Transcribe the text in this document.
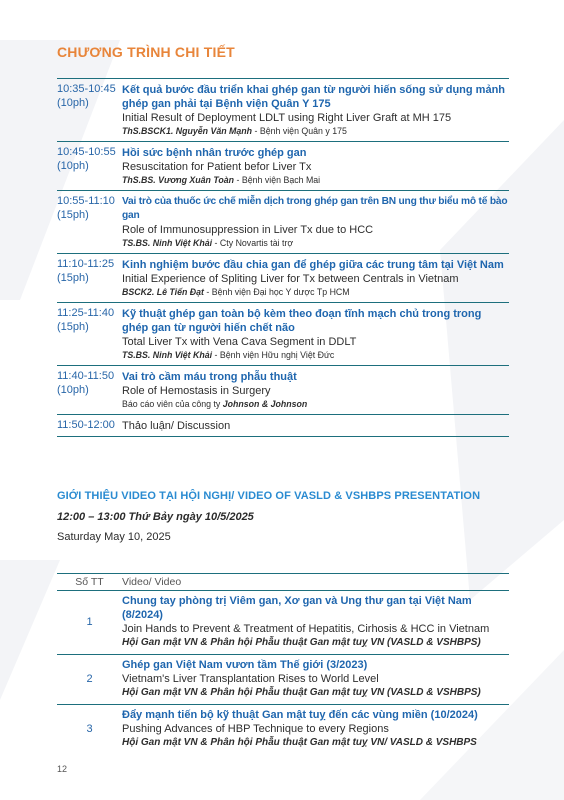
CHƯƠNG TRÌNH CHI TIẾT
10:35-10:45
(10ph)
Kết quả bước đầu triển khai ghép gan từ người hiến sống sử dụng mảnh ghép gan phải tại Bệnh viện Quân Y 175
Initial Result of Deployment LDLT using Right Liver Graft at MH 175
ThS.BSCK1. Nguyễn Văn Mạnh - Bệnh viện Quân y 175
10:45-10:55
(10ph)
Hồi sức bệnh nhân trước ghép gan
Resuscitation for Patient befor Liver Tx
ThS.BS. Vương Xuân Toàn - Bệnh viện Bạch Mai
10:55-11:10
(15ph)
Vai trò của thuốc ức chế miễn dịch trong ghép gan trên BN ung thư biểu mô tế bào gan
Role of Immunosuppression in Liver Tx due to HCC
TS.BS. Ninh Việt Khải - Cty Novartis tài trợ
11:10-11:25
(15ph)
Kinh nghiệm bước đầu chia gan để ghép giữa các trung tâm tại Việt Nam
Initial Experience of Spliting Liver for Tx between Centrals in Vietnam
BSCK2. Lê Tiến Đạt - Bệnh viện Đại học Y dược Tp HCM
11:25-11:40
(15ph)
Kỹ thuật ghép gan toàn bộ kèm theo đoạn tĩnh mạch chủ trong trong ghép gan từ người hiến chết não
Total Liver Tx with Vena Cava Segment in DDLT
TS.BS. Ninh Việt Khải - Bệnh viện Hữu nghị Việt Đức
11:40-11:50
(10ph)
Vai trò cầm máu trong phẫu thuật
Role of Hemostasis in Surgery
Báo cáo viên của công ty Johnson & Johnson
11:50-12:00 Thảo luận/ Discussion
GIỚI THIỆU VIDEO TẠI HỘI NGHỊ/ VIDEO OF VASLD & VSHBPS PRESENTATION
12:00 – 13:00 Thứ Bảy ngày 10/5/2025
Saturday May 10, 2025
Số TT	Video/ Video
1
Chung tay phòng trị Viêm gan, Xơ gan và Ung thư gan tại Việt Nam (8/2024)
Join Hands to Prevent & Treatment of Hepatitis, Cirhosis & HCC in Vietnam
Hội Gan mật VN & Phân hội Phẫu thuật Gan mật tuỵ VN (VASLD & VSHBPS)
2
Ghép gan Việt Nam vươn tầm Thế giới (3/2023)
Vietnam's Liver Transplantation Rises to World Level
Hội Gan mật VN & Phân hội Phẫu thuật Gan mật tuỵ VN (VASLD & VSHBPS)
3
Đẩy mạnh tiến bộ kỹ thuật Gan mật tuỵ đến các vùng miền (10/2024)
Pushing Advances of HBP Technique to every Regions
Hội Gan mật VN & Phân hội Phẫu thuật Gan mật tuỵ VN/ VASLD & VSHBPS
12
